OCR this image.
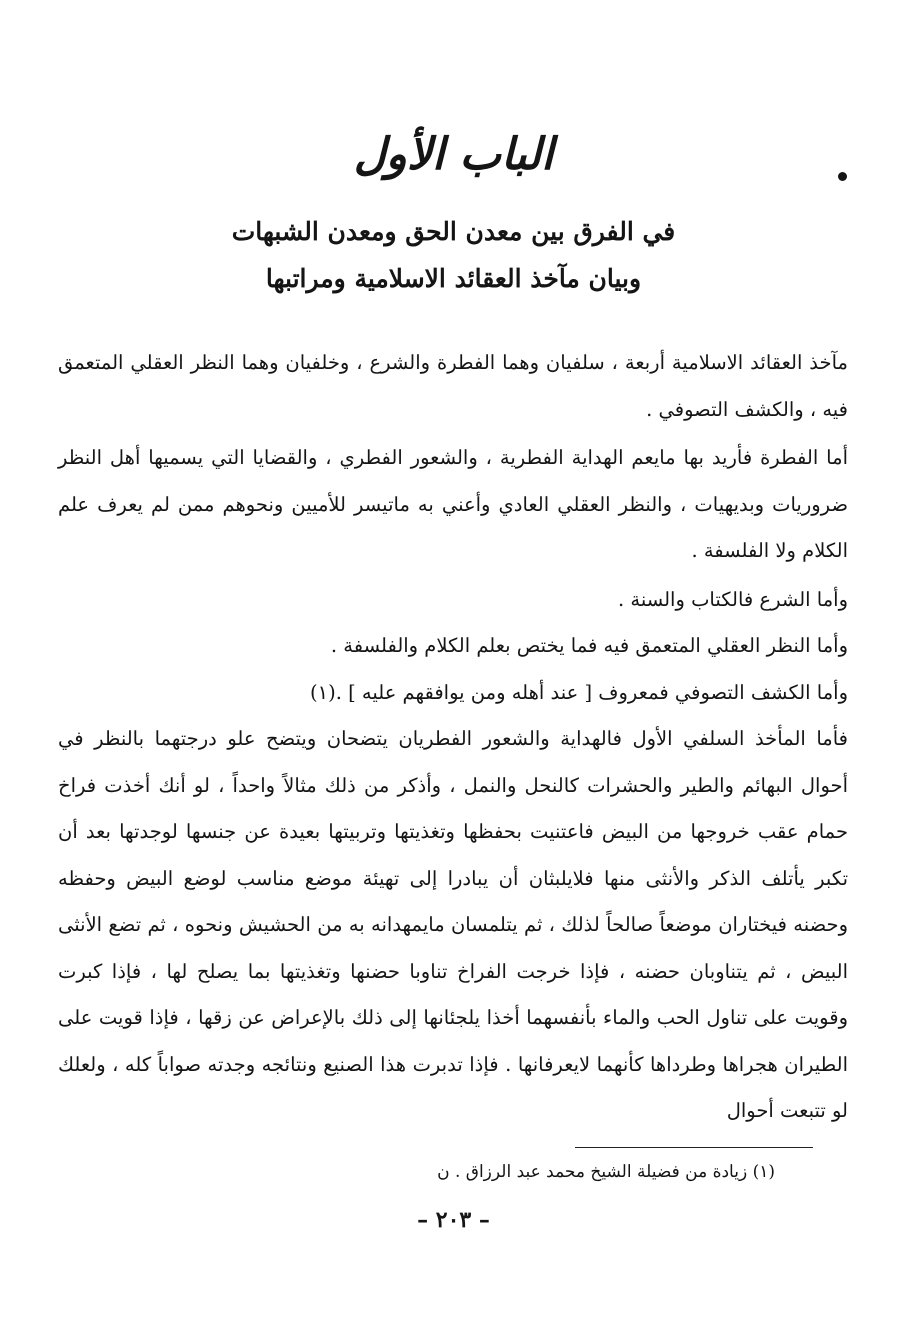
الباب الأول
في الفرق بين معدن الحق ومعدن الشبهات
وبيان مآخذ العقائد الاسلامية ومراتبها

مآخذ العقائد الاسلامية أربعة ، سلفيان وهما الفطرة والشرع ، وخلفيان وهما النظر العقلي المتعمق فيه ، والكشف التصوفي .

أما الفطرة فأريد بها مايعم الهداية الفطرية ، والشعور الفطري ، والقضايا التي يسميها أهل النظر ضروريات وبديهيات ، والنظر العقلي العادي وأعني به ماتيسر للأميين ونحوهم ممن لم يعرف علم الكلام ولا الفلسفة .

وأما الشرع فالكتاب والسنة .

وأما النظر العقلي المتعمق فيه فما يختص بعلم الكلام والفلسفة .

وأما الكشف التصوفي فمعروف [ عند أهله ومن يوافقهم عليه ] .(١)

فأما المأخذ السلفي الأول فالهداية والشعور الفطريان يتضحان ويتضح علو درجتهما بالنظر في أحوال البهائم والطير والحشرات كالنحل والنمل ، وأذكر من ذلك مثالاً واحداً ، لو أنك أخذت فراخ حمام عقب خروجها من البيض فاعتنيت بحفظها وتغذيتها وتربيتها بعيدة عن جنسها لوجدتها بعد أن تكبر يأتلف الذكر والأنثى منها فلايلبثان أن يبادرا إلى تهيئة موضع مناسب لوضع البيض وحفظه وحضنه فيختاران موضعاً صالحاً لذلك ، ثم يتلمسان مايمهدانه به من الحشيش ونحوه ، ثم تضع الأنثى البيض ، ثم يتناوبان حضنه ، فإذا خرجت الفراخ تناوبا حضنها وتغذيتها بما يصلح لها ، فإذا كبرت وقويت على تناول الحب والماء بأنفسهما أخذا يلجئانها إلى ذلك بالإعراض عن زقها ، فإذا قويت على الطيران هجراها وطرداها كأنهما لايعرفانها . فإذا تدبرت هذا الصنيع ونتائجه وجدته صواباً كله ، ولعلك لو تتبعت أحوال

(١) زيادة من فضيلة الشيخ محمد عبد الرزاق . ن

– ٢٠٣ –
